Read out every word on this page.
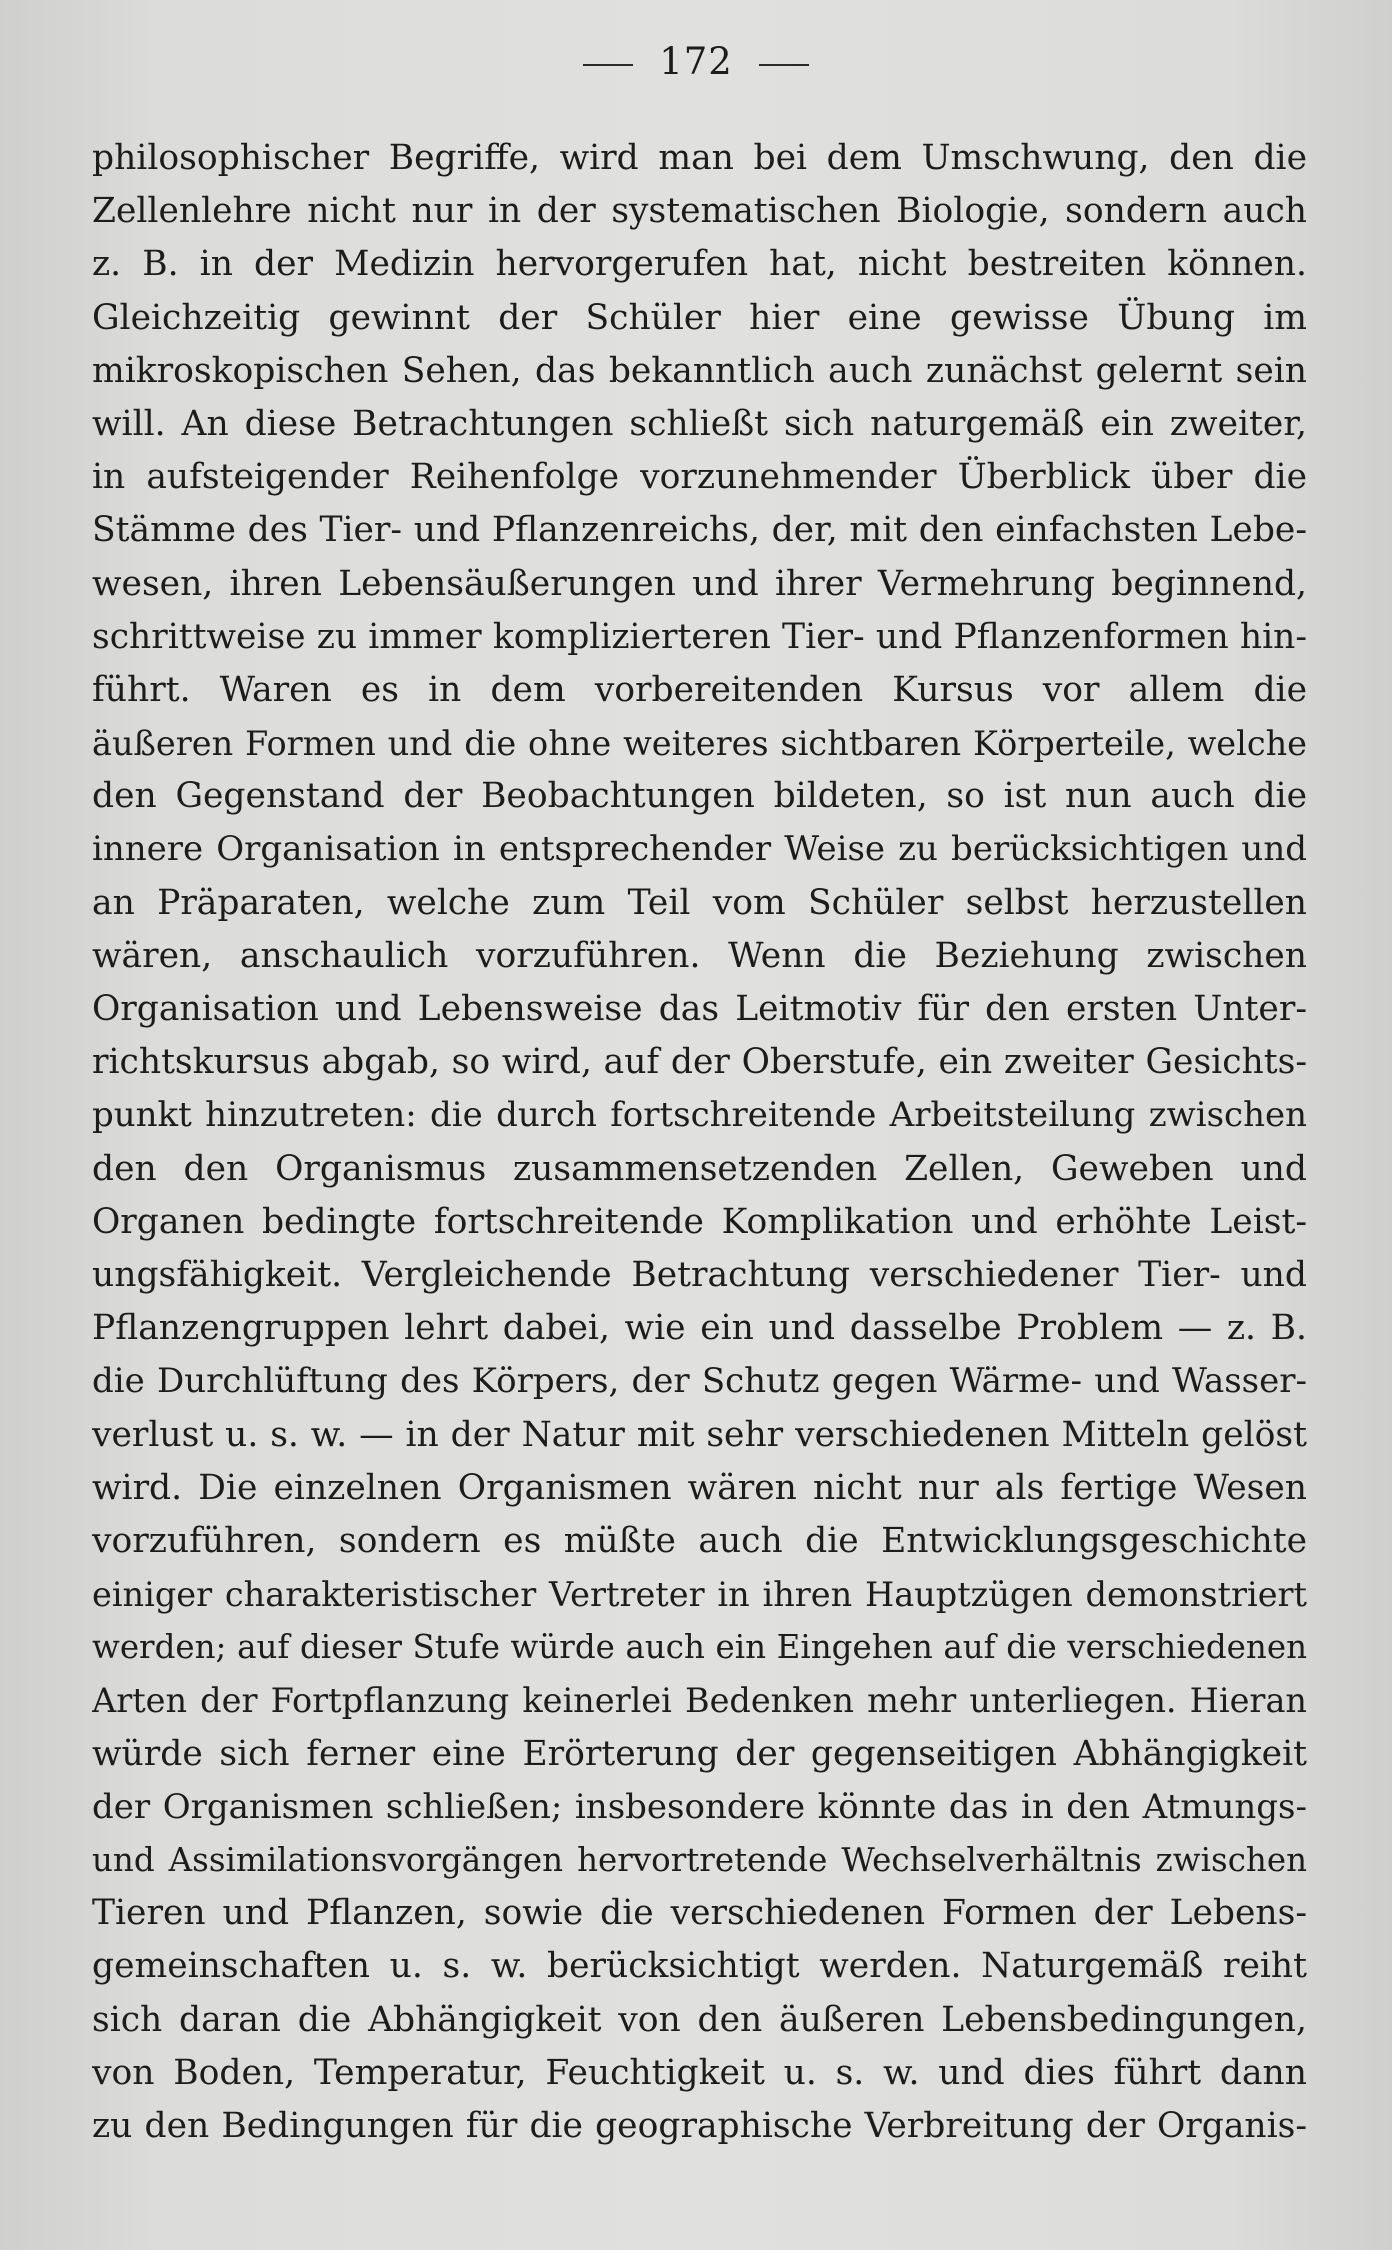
172
philosophischer Begriffe, wird man bei dem Umschwung, den die
Zellenlehre nicht nur in der systematischen Biologie, sondern auch
z. B. in der Medizin hervorgerufen hat, nicht bestreiten können.
Gleichzeitig gewinnt der Schüler hier eine gewisse Übung im
mikroskopischen Sehen, das bekanntlich auch zunächst gelernt sein
will. An diese Betrachtungen schließt sich naturgemäß ein zweiter,
in aufsteigender Reihenfolge vorzunehmender Überblick über die
Stämme des Tier- und Pflanzenreichs, der, mit den einfachsten Lebe-
wesen, ihren Lebensäußerungen und ihrer Vermehrung beginnend,
schrittweise zu immer komplizierteren Tier- und Pflanzenformen hin-
führt. Waren es in dem vorbereitenden Kursus vor allem die
äußeren Formen und die ohne weiteres sichtbaren Körperteile, welche
den Gegenstand der Beobachtungen bildeten, so ist nun auch die
innere Organisation in entsprechender Weise zu berücksichtigen und
an Präparaten, welche zum Teil vom Schüler selbst herzustellen
wären, anschaulich vorzuführen. Wenn die Beziehung zwischen
Organisation und Lebensweise das Leitmotiv für den ersten Unter-
richtskursus abgab, so wird, auf der Oberstufe, ein zweiter Gesichts-
punkt hinzutreten: die durch fortschreitende Arbeitsteilung zwischen
den den Organismus zusammensetzenden Zellen, Geweben und
Organen bedingte fortschreitende Komplikation und erhöhte Leist-
ungsfähigkeit. Vergleichende Betrachtung verschiedener Tier- und
Pflanzengruppen lehrt dabei, wie ein und dasselbe Problem — z. B.
die Durchlüftung des Körpers, der Schutz gegen Wärme- und Wasser-
verlust u. s. w. — in der Natur mit sehr verschiedenen Mitteln gelöst
wird. Die einzelnen Organismen wären nicht nur als fertige Wesen
vorzuführen, sondern es müßte auch die Entwicklungsgeschichte
einiger charakteristischer Vertreter in ihren Hauptzügen demonstriert
werden; auf dieser Stufe würde auch ein Eingehen auf die verschiedenen
Arten der Fortpflanzung keinerlei Bedenken mehr unterliegen. Hieran
würde sich ferner eine Erörterung der gegenseitigen Abhängigkeit
der Organismen schließen; insbesondere könnte das in den Atmungs-
und Assimilationsvorgängen hervortretende Wechselverhältnis zwischen
Tieren und Pflanzen, sowie die verschiedenen Formen der Lebens-
gemeinschaften u. s. w. berücksichtigt werden. Naturgemäß reiht
sich daran die Abhängigkeit von den äußeren Lebensbedingungen,
von Boden, Temperatur, Feuchtigkeit u. s. w. und dies führt dann
zu den Bedingungen für die geographische Verbreitung der Organis-
